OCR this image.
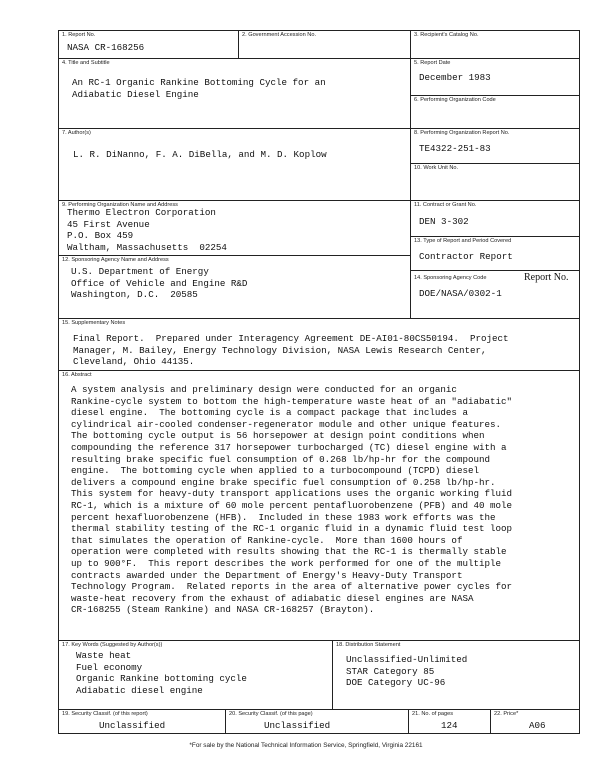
1. Report No.
NASA CR-168256
2. Government Accession No.	3. Recipient's Catalog No.
4. Title and Subtitle
An RC-1 Organic Rankine Bottoming Cycle for an
Adiabatic Diesel Engine
5. Report Date
December 1983
6. Performing Organization Code
7. Author(s)
L. R. DiNanno, F. A. DiBella, and M. D. Koplow
8. Performing Organization Report No.
TE4322-251-83
10. Work Unit No.
9. Performing Organization Name and Address
Thermo Electron Corporation
45 First Avenue
P.O. Box 459
Waltham, Massachusetts  02254
11. Contract or Grant No.
DEN 3-302
13. Type of Report and Period Covered
Contractor Report
12. Sponsoring Agency Name and Address
U.S. Department of Energy
Office of Vehicle and Engine R&D
Washington, D.C.  20585
14. Sponsoring Agency Code	Report No.
DOE/NASA/0302-1
15. Supplementary Notes
Final Report.  Prepared under Interagency Agreement DE-AI01-80CS50194.  Project
Manager, M. Bailey, Energy Technology Division, NASA Lewis Research Center,
Cleveland, Ohio 44135.
16. Abstract
A system analysis and preliminary design were conducted for an organic
Rankine-cycle system to bottom the high-temperature waste heat of an "adiabatic"
diesel engine.  The bottoming cycle is a compact package that includes a
cylindrical air-cooled condenser-regenerator module and other unique features.
The bottoming cycle output is 56 horsepower at design point conditions when
compounding the reference 317 horsepower turbocharged (TC) diesel engine with a
resulting brake specific fuel consumption of 0.268 lb/hp-hr for the compound
engine.  The bottoming cycle when applied to a turbocompound (TCPD) diesel
delivers a compound engine brake specific fuel consumption of 0.258 lb/hp-hr.
This system for heavy-duty transport applications uses the organic working fluid
RC-1, which is a mixture of 60 mole percent pentafluorobenzene (PFB) and 40 mole
percent hexafluorobenzene (HFB).  Included in these 1983 work efforts was the
thermal stability testing of the RC-1 organic fluid in a dynamic fluid test loop
that simulates the operation of Rankine-cycle.  More than 1600 hours of
operation were completed with results showing that the RC-1 is thermally stable
up to 900°F.  This report describes the work performed for one of the multiple
contracts awarded under the Department of Energy's Heavy-Duty Transport
Technology Program.  Related reports in the area of alternative power cycles for
waste-heat recovery from the exhaust of adiabatic diesel engines are NASA
CR-168255 (Steam Rankine) and NASA CR-168257 (Brayton).
17. Key Words (Suggested by Author(s))
Waste heat
Fuel economy
Organic Rankine bottoming cycle
Adiabatic diesel engine
18. Distribution Statement
Unclassified-Unlimited
STAR Category 85
DOE Category UC-96
19. Security Classif. (of this report)
Unclassified
20. Security Classif. (of this page)
Unclassified
21. No. of pages
124
22. Price*
A06
*For sale by the National Technical Information Service, Springfield, Virginia 22161
